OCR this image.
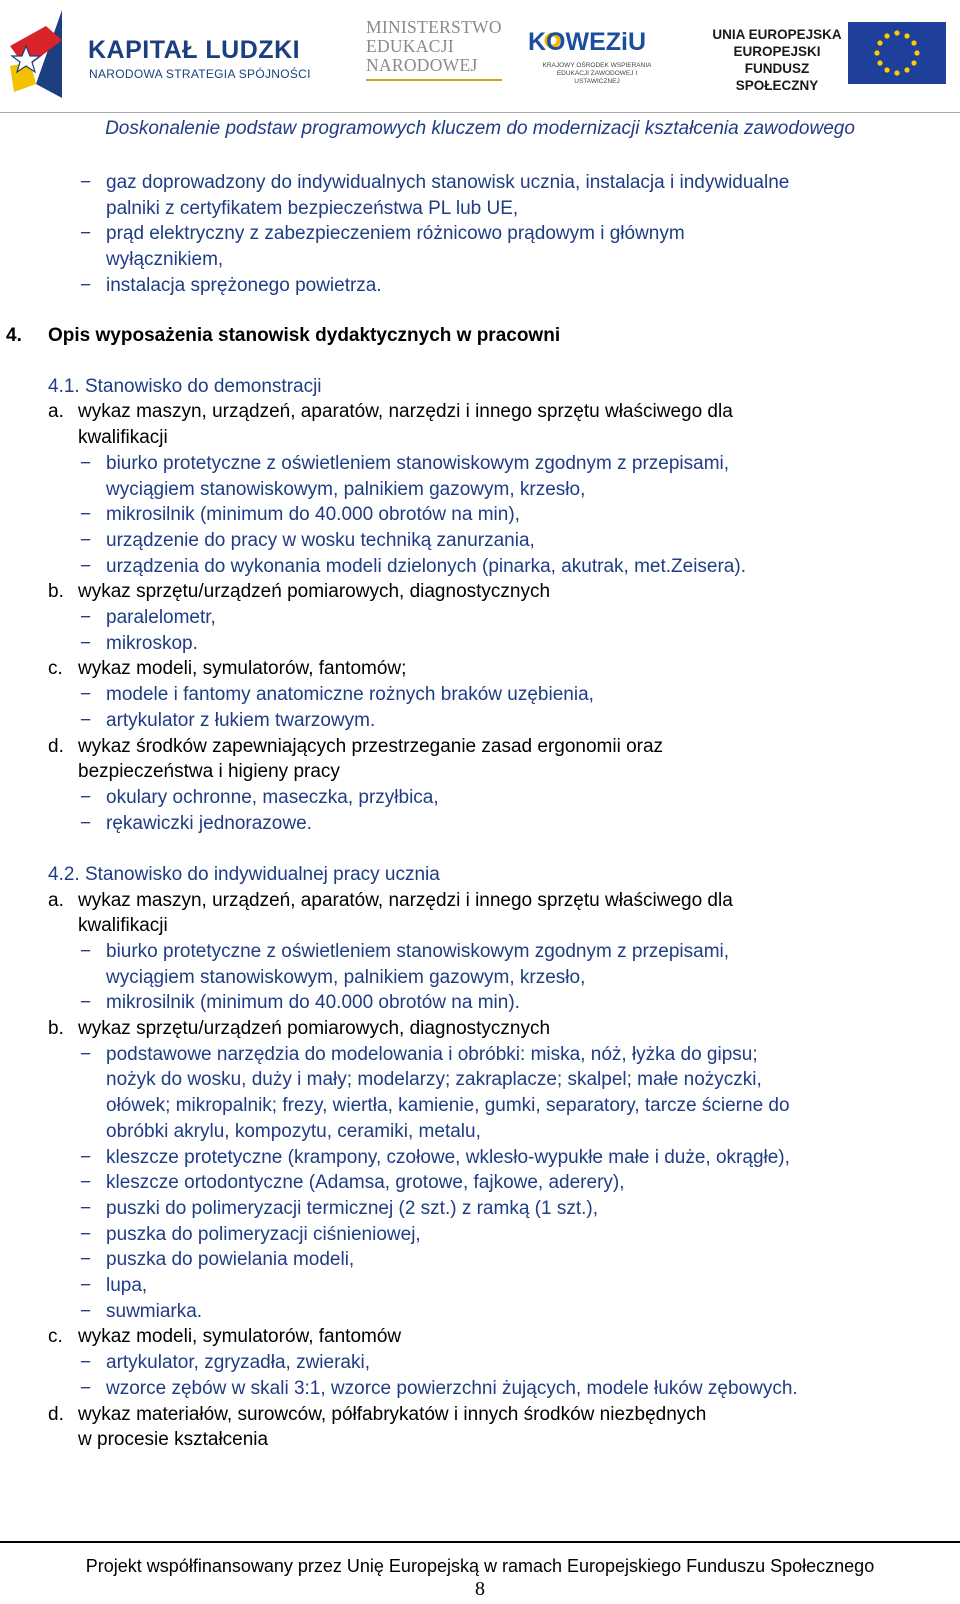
KAPITAŁ LUDZKI
NARODOWA STRATEGIA SPÓJNOŚCI
MINISTERSTWO
EDUKACJI
NARODOWEJ
KOWEZiU
KRAJOWY OŚRODEK WSPIERANIA EDUKACJI ZAWODOWEJ I USTAWICZNEJ
UNIA EUROPEJSKA
EUROPEJSKI
FUNDUSZ SPOŁECZNY
Doskonalenie podstaw programowych kluczem do modernizacji kształcenia zawodowego
− gaz doprowadzony do indywidualnych stanowisk ucznia, instalacja i indywidualne
palniki z certyfikatem bezpieczeństwa PL lub UE,
− prąd elektryczny z zabezpieczeniem różnicowo prądowym i głównym
wyłącznikiem,
− instalacja sprężonego powietrza.
4. Opis wyposażenia stanowisk dydaktycznych w pracowni
4.1. Stanowisko do demonstracji
a. wykaz maszyn, urządzeń, aparatów, narzędzi i innego sprzętu właściwego dla
kwalifikacji
− biurko protetyczne z oświetleniem stanowiskowym zgodnym z przepisami,
wyciągiem stanowiskowym, palnikiem gazowym, krzesło,
− mikrosilnik (minimum do 40.000 obrotów na min),
− urządzenie do pracy w wosku techniką zanurzania,
− urządzenia do wykonania modeli dzielonych (pinarka, akutrak, met.Zeisera).
b. wykaz sprzętu/urządzeń pomiarowych, diagnostycznych
− paralelometr,
− mikroskop.
c. wykaz modeli, symulatorów, fantomów;
− modele i fantomy anatomiczne rożnych braków uzębienia,
− artykulator z łukiem twarzowym.
d. wykaz środków zapewniających przestrzeganie zasad ergonomii oraz
bezpieczeństwa i higieny pracy
− okulary ochronne, maseczka, przyłbica,
− rękawiczki jednorazowe.
4.2. Stanowisko do indywidualnej pracy ucznia
a. wykaz maszyn, urządzeń, aparatów, narzędzi i innego sprzętu właściwego dla
kwalifikacji
− biurko protetyczne z oświetleniem stanowiskowym zgodnym z przepisami,
wyciągiem stanowiskowym, palnikiem gazowym, krzesło,
− mikrosilnik (minimum do 40.000 obrotów na min).
b. wykaz sprzętu/urządzeń pomiarowych, diagnostycznych
− podstawowe narzędzia do modelowania i obróbki: miska, nóż, łyżka do gipsu;
nożyk do wosku, duży i mały; modelarzy; zakraplacze; skalpel; małe nożyczki,
ołówek; mikropalnik; frezy, wiertła, kamienie, gumki, separatory, tarcze ścierne do
obróbki akrylu, kompozytu, ceramiki, metalu,
− kleszcze protetyczne (krampony, czołowe, wklesło-wypukłe małe i duże, okrągłe),
− kleszcze ortodontyczne (Adamsa, grotowe, fajkowe, aderery),
− puszki do polimeryzacji termicznej (2 szt.) z ramką (1 szt.),
− puszka do polimeryzacji ciśnieniowej,
− puszka do powielania modeli,
− lupa,
− suwmiarka.
c. wykaz modeli, symulatorów, fantomów
− artykulator, zgryzadła, zwieraki,
− wzorce zębów w skali 3:1, wzorce powierzchni żujących, modele łuków zębowych.
d. wykaz materiałów, surowców, półfabrykatów i innych środków niezbędnych
w procesie kształcenia
Projekt współfinansowany przez Unię Europejską w ramach Europejskiego Funduszu Społecznego
8
